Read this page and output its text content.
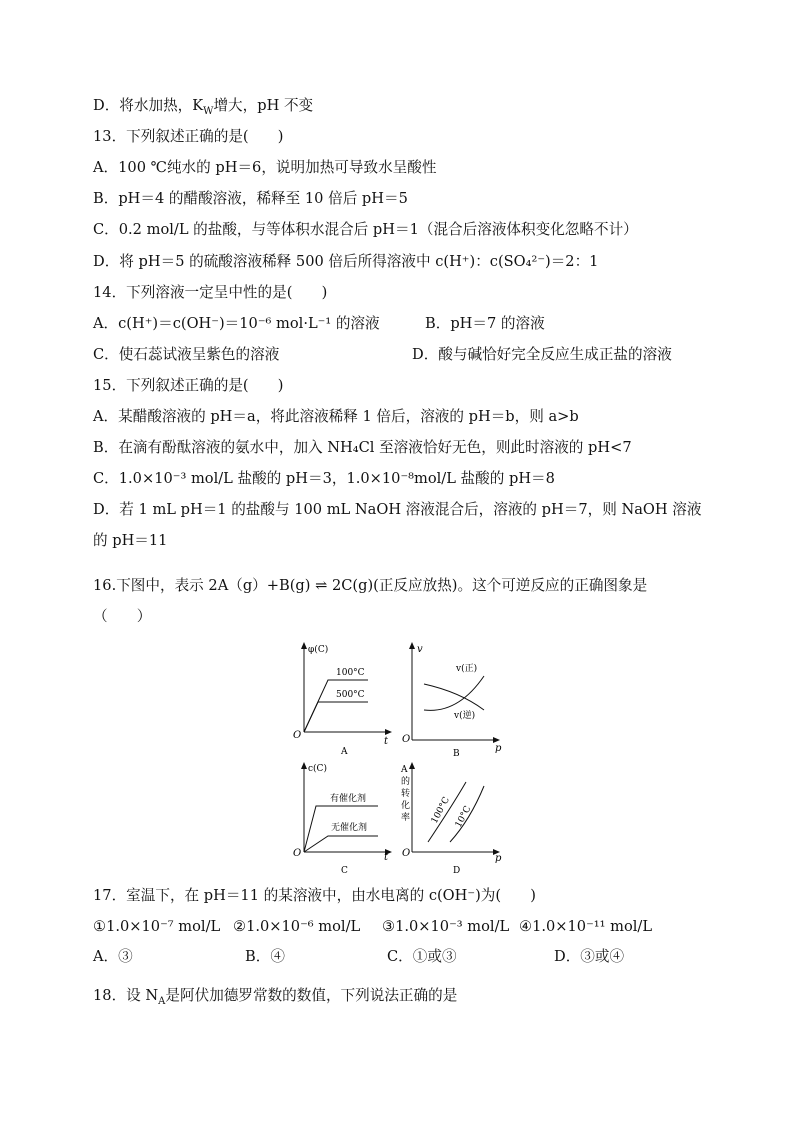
D．将水加热，$K_W$增大，pH 不变
13．下列叙述正确的是(　　)
A．100 ℃纯水的 pH＝6，说明加热可导致水呈酸性
B．pH＝4 的醋酸溶液，稀释至 10 倍后 pH＝5
C．0.2 mol/L 的盐酸，与等体积水混合后 pH＝1（混合后溶液体积变化忽略不计）
D．将 pH＝5 的硫酸溶液稀释 500 倍后所得溶液中 c(H⁺)：c(SO₄²⁻)＝2：1
14．下列溶液一定呈中性的是(　　)
A．c(H⁺)＝c(OH⁻)＝10⁻⁶ mol·L⁻¹ 的溶液	B．pH＝7 的溶液
C．使石蕊试液呈紫色的溶液	D．酸与碱恰好完全反应生成正盐的溶液
15．下列叙述正确的是(　　)
A．某醋酸溶液的 pH＝a，将此溶液稀释 1 倍后，溶液的 pH＝b，则 a>b
B．在滴有酚酞溶液的氨水中，加入 NH₄Cl 至溶液恰好无色，则此时溶液的 pH<7
C．1.0×10⁻³ mol/L 盐酸的 pH＝3，1.0×10⁻⁸mol/L 盐酸的 pH＝8
D．若 1 mL pH＝1 的盐酸与 100 mL NaOH 溶液混合后，溶液的 pH＝7，则 NaOH 溶液
的 pH＝11
16.下图中，表示 2A（g）+B(g) ⇌ 2C(g)(正反应放热)。这个可逆反应的正确图象是
（　　）
φ(C)
O
t
100°C
500°C
A
v
O
p
v(正)
v(逆)
B
c(C)
O	t
有催化剂
无催化剂
C
A
的
转
化
率
O	p
100°C 10°C
D
17．室温下，在 pH＝11 的某溶液中，由水电离的 c(OH⁻)为(　　)
①1.0×10⁻⁷ mol/L ②1.0×10⁻⁶ mol/L ③1.0×10⁻³ mol/L ④1.0×10⁻¹¹ mol/L
A．③	B．④	C．①或③	D．③或④
18．设 $N_A$是阿伏加德罗常数的数值，下列说法正确的是
